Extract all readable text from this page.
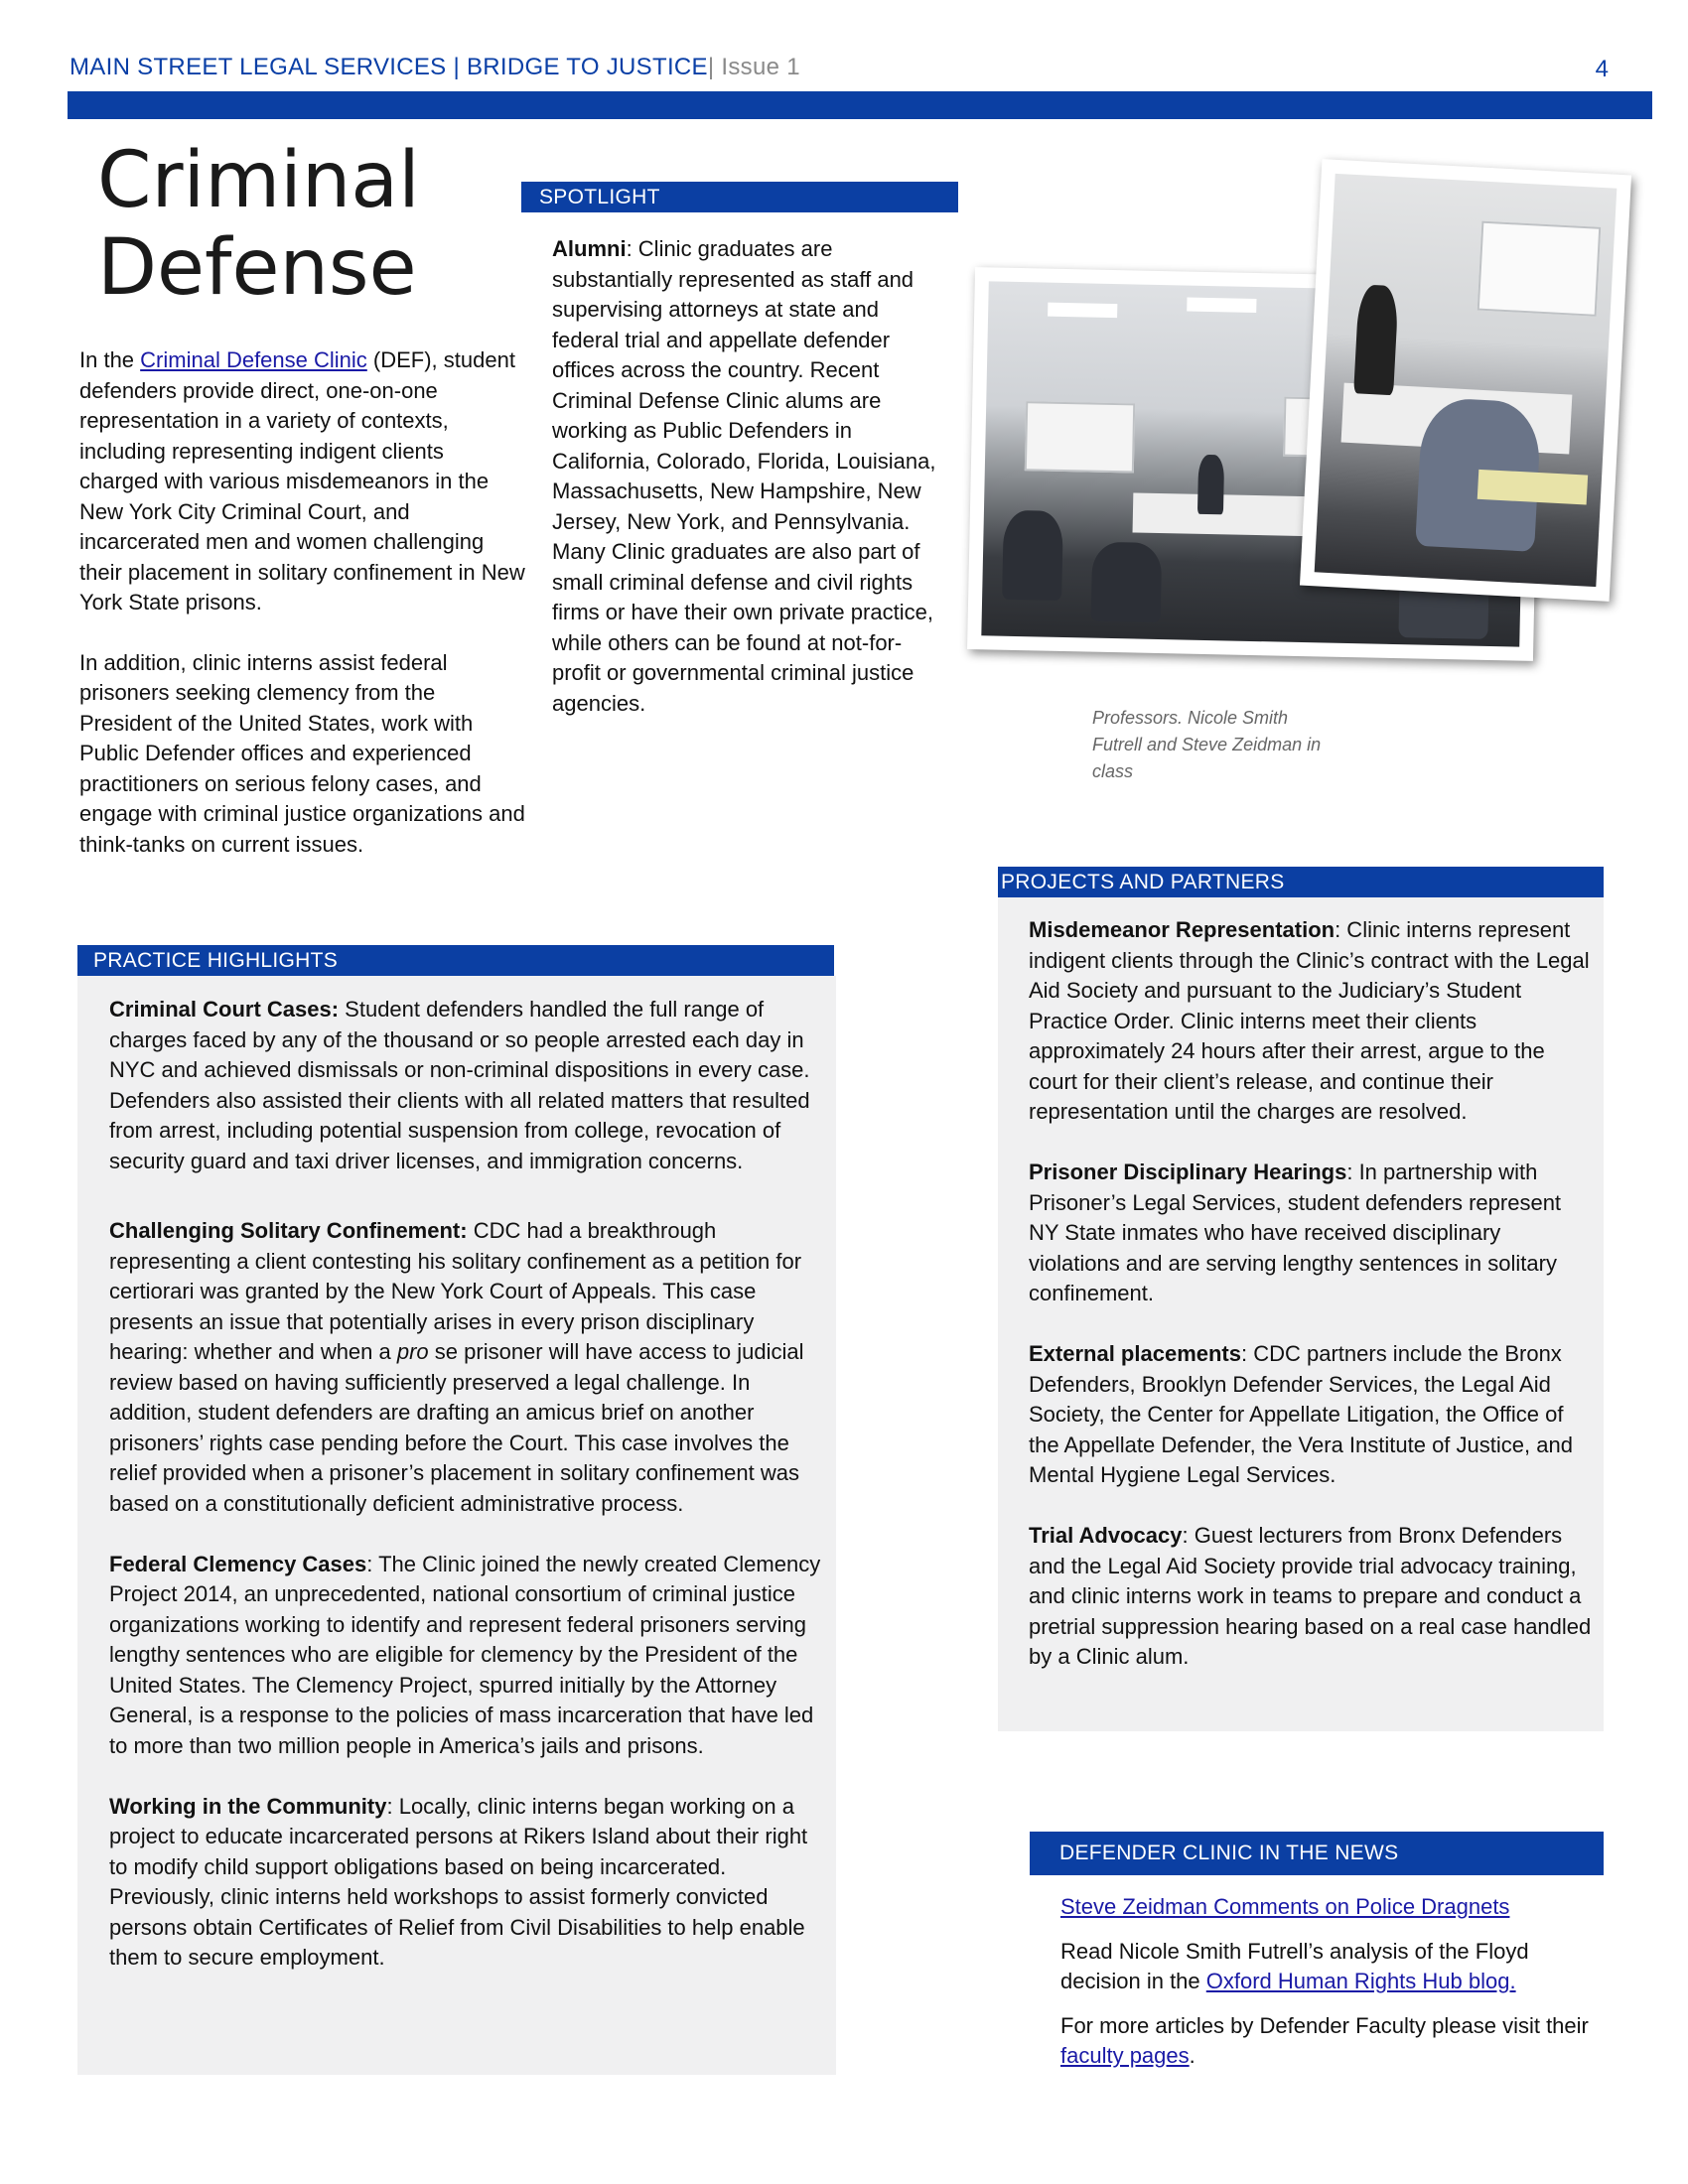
MAIN STREET LEGAL SERVICES | BRIDGE TO JUSTICE| Issue 1	4
Criminal
Defense

In the Criminal Defense Clinic (DEF), student defenders provide direct, one-on-one representation in a variety of contexts, including representing indigent clients charged with various misdemeanors in the New York City Criminal Court, and incarcerated men and women challenging their placement in solitary confinement in New York State prisons.

In addition, clinic interns assist federal prisoners seeking clemency from the President of the United States, work with Public Defender offices and experienced practitioners on serious felony cases, and engage with criminal justice organizations and think-tanks on current issues.

SPOTLIGHT

Alumni: Clinic graduates are substantially represented as staff and supervising attorneys at state and federal trial and appellate defender offices across the country. Recent Criminal Defense Clinic alums are working as Public Defenders in California, Colorado, Florida, Louisiana, Massachusetts, New Hampshire, New Jersey, New York, and Pennsylvania. Many Clinic graduates are also part of small criminal defense and civil rights firms or have their own private practice, while others can be found at not-for-profit or governmental criminal justice agencies.

Professors. Nicole Smith Futrell and Steve Zeidman in class
PROJECTS AND PARTNERS

Misdemeanor Representation: Clinic interns represent indigent clients through the Clinic’s contract with the Legal Aid Society and pursuant to the Judiciary’s Student Practice Order. Clinic interns meet their clients approximately 24 hours after their arrest, argue to the court for their client’s release, and continue their representation until the charges are resolved.

Prisoner Disciplinary Hearings: In partnership with Prisoner’s Legal Services, student defenders represent NY State inmates who have received disciplinary violations and are serving lengthy sentences in solitary confinement.

External placements: CDC partners include the Bronx Defenders, Brooklyn Defender Services, the Legal Aid Society, the Center for Appellate Litigation, the Office of the Appellate Defender, the Vera Institute of Justice, and Mental Hygiene Legal Services.

Trial Advocacy: Guest lecturers from Bronx Defenders and the Legal Aid Society provide trial advocacy training, and clinic interns work in teams to prepare and conduct a pretrial suppression hearing based on a real case handled by a Clinic alum.

PRACTICE HIGHLIGHTS

Criminal Court Cases: Student defenders handled the full range of charges faced by any of the thousand or so people arrested each day in NYC and achieved dismissals or non-criminal dispositions in every case. Defenders also assisted their clients with all related matters that resulted from arrest, including potential suspension from college, revocation of security guard and taxi driver licenses, and immigration concerns.

Challenging Solitary Confinement: CDC had a breakthrough representing a client contesting his solitary confinement as a petition for certiorari was granted by the New York Court of Appeals. This case presents an issue that potentially arises in every prison disciplinary hearing: whether and when a pro se prisoner will have access to judicial review based on having sufficiently preserved a legal challenge. In addition, student defenders are drafting an amicus brief on another prisoners’ rights case pending before the Court. This case involves the relief provided when a prisoner’s placement in solitary confinement was based on a constitutionally deficient administrative process.

Federal Clemency Cases: The Clinic joined the newly created Clemency Project 2014, an unprecedented, national consortium of criminal justice organizations working to identify and represent federal prisoners serving lengthy sentences who are eligible for clemency by the President of the United States. The Clemency Project, spurred initially by the Attorney General, is a response to the policies of mass incarceration that have led to more than two million people in America’s jails and prisons.

Working in the Community: Locally, clinic interns began working on a project to educate incarcerated persons at Rikers Island about their right to modify child support obligations based on being incarcerated. Previously, clinic interns held workshops to assist formerly convicted persons obtain Certificates of Relief from Civil Disabilities to help enable them to secure employment.

DEFENDER CLINIC IN THE NEWS

Steve Zeidman Comments on Police Dragnets

Read Nicole Smith Futrell’s analysis of the Floyd decision in the Oxford Human Rights Hub blog.

For more articles by Defender Faculty please visit their faculty pages.
